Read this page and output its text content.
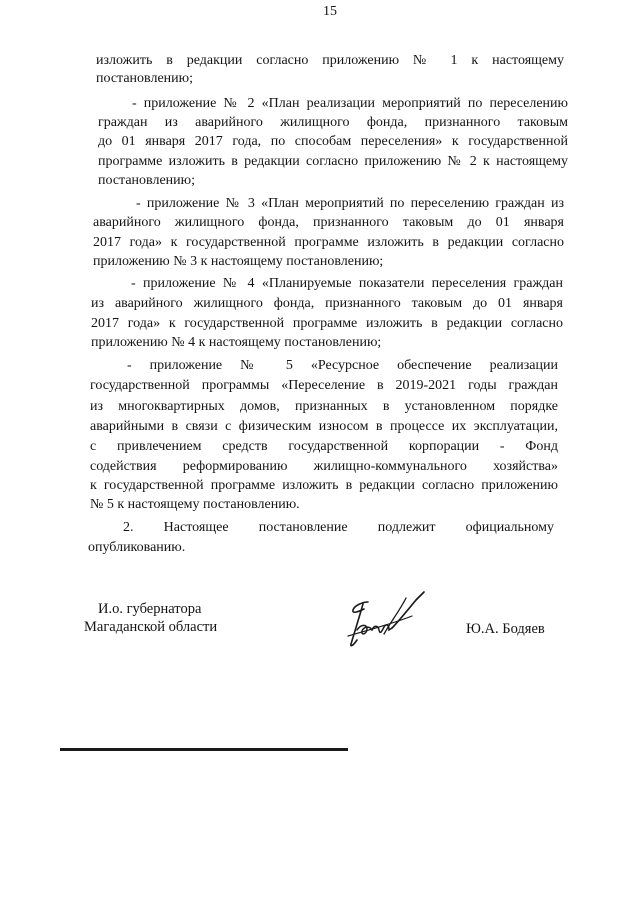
15
изложить в редакции согласно приложению № 1 к настоящему
постановлению;
- приложение № 2 «План реализации мероприятий по переселению
граждан из аварийного жилищного фонда, признанного таковым
до 01 января 2017 года, по способам переселения» к государственной
программе изложить в редакции согласно приложению № 2 к настоящему
постановлению;
- приложение № 3 «План мероприятий по переселению граждан из
аварийного жилищного фонда, признанного таковым до 01 января
2017 года» к государственной программе изложить в редакции согласно
приложению № 3 к настоящему постановлению;
- приложение № 4 «Планируемые показатели переселения граждан
из аварийного жилищного фонда, признанного таковым до 01 января
2017 года» к государственной программе изложить в редакции согласно
приложению № 4 к настоящему постановлению;
- приложение № 5 «Ресурсное обеспечение реализации
государственной программы «Переселение в 2019-2021 годы граждан
из многоквартирных домов, признанных в установленном порядке
аварийными в связи с физическим износом в процессе их эксплуатации,
с привлечением средств государственной корпорации - Фонд
содействия реформированию жилищно-коммунального хозяйства»
к государственной программе изложить в редакции согласно приложению
№ 5 к настоящему постановлению.
2. Настоящее постановление подлежит официальному
опубликованию.
И.о. губернатора
Магаданской области	Ю.А. Бодяев
